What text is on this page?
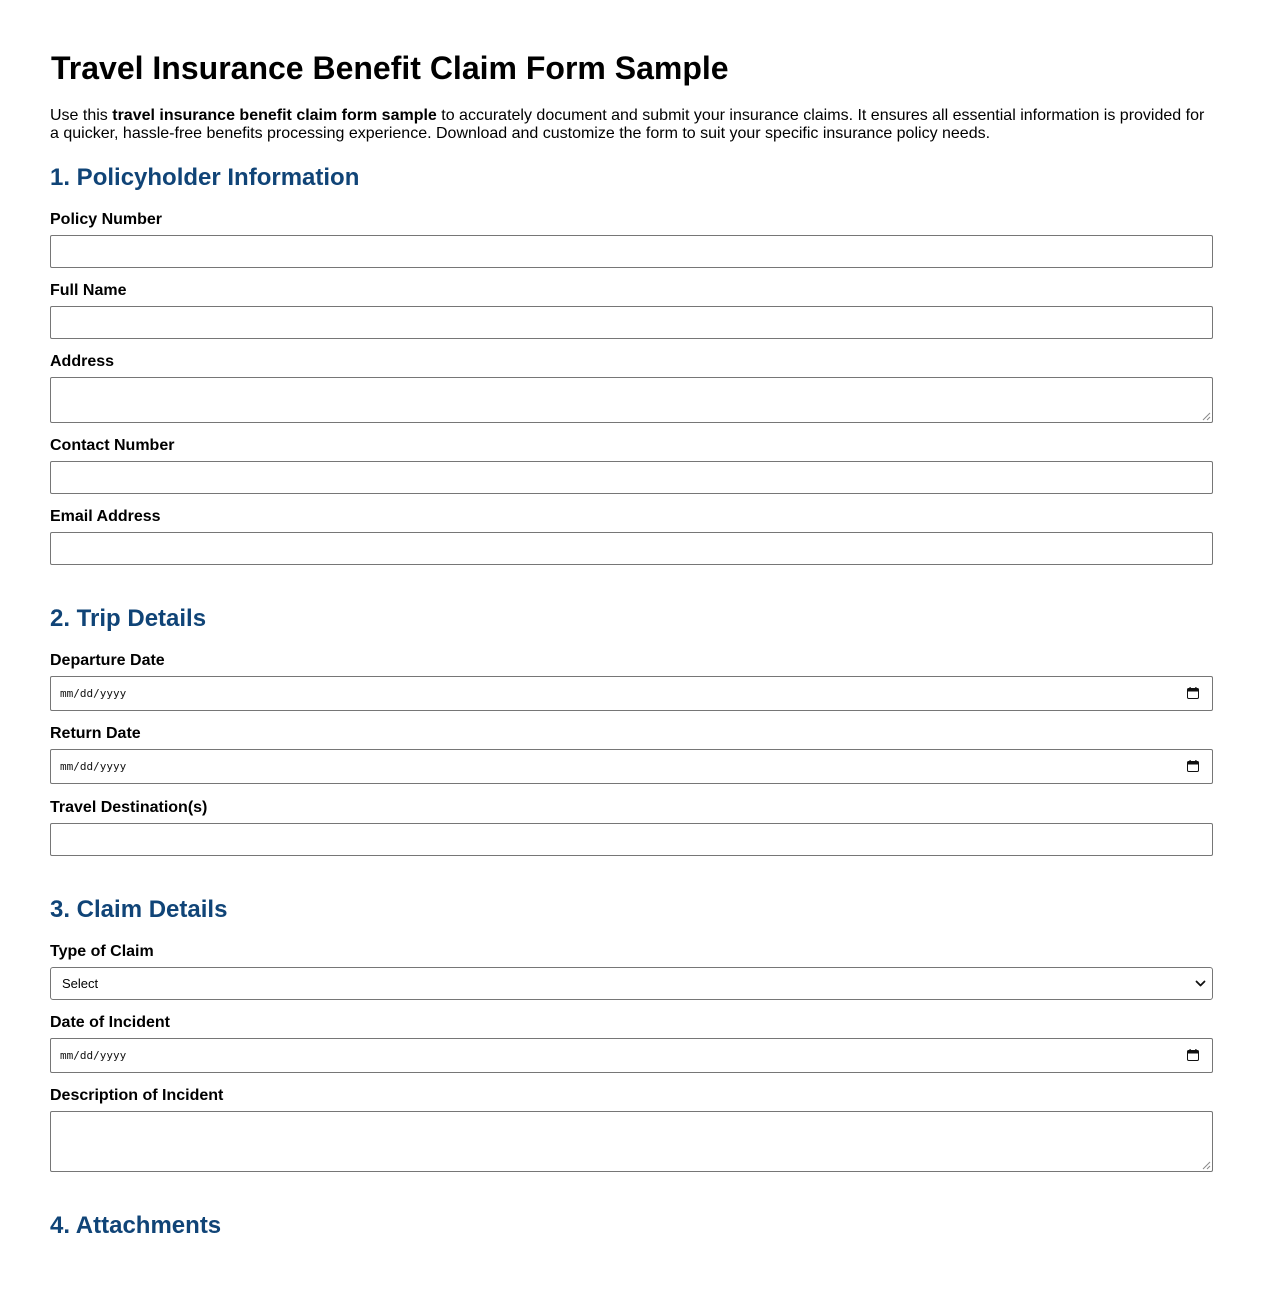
Travel Insurance Benefit Claim Form Sample

Use this travel insurance benefit claim form sample to accurately document and submit your insurance claims. It ensures all essential information is provided for a quicker, hassle-free benefits processing experience. Download and customize the form to suit your specific insurance policy needs.

1. Policyholder Information
Policy Number
Full Name
Address
Contact Number
Email Address
2. Trip Details
Departure Date
mm/dd/yyyy
Return Date
mm/dd/yyyy
Travel Destination(s)
3. Claim Details
Type of Claim
Select
Date of Incident
mm/dd/yyyy
Description of Incident
4. Attachments
